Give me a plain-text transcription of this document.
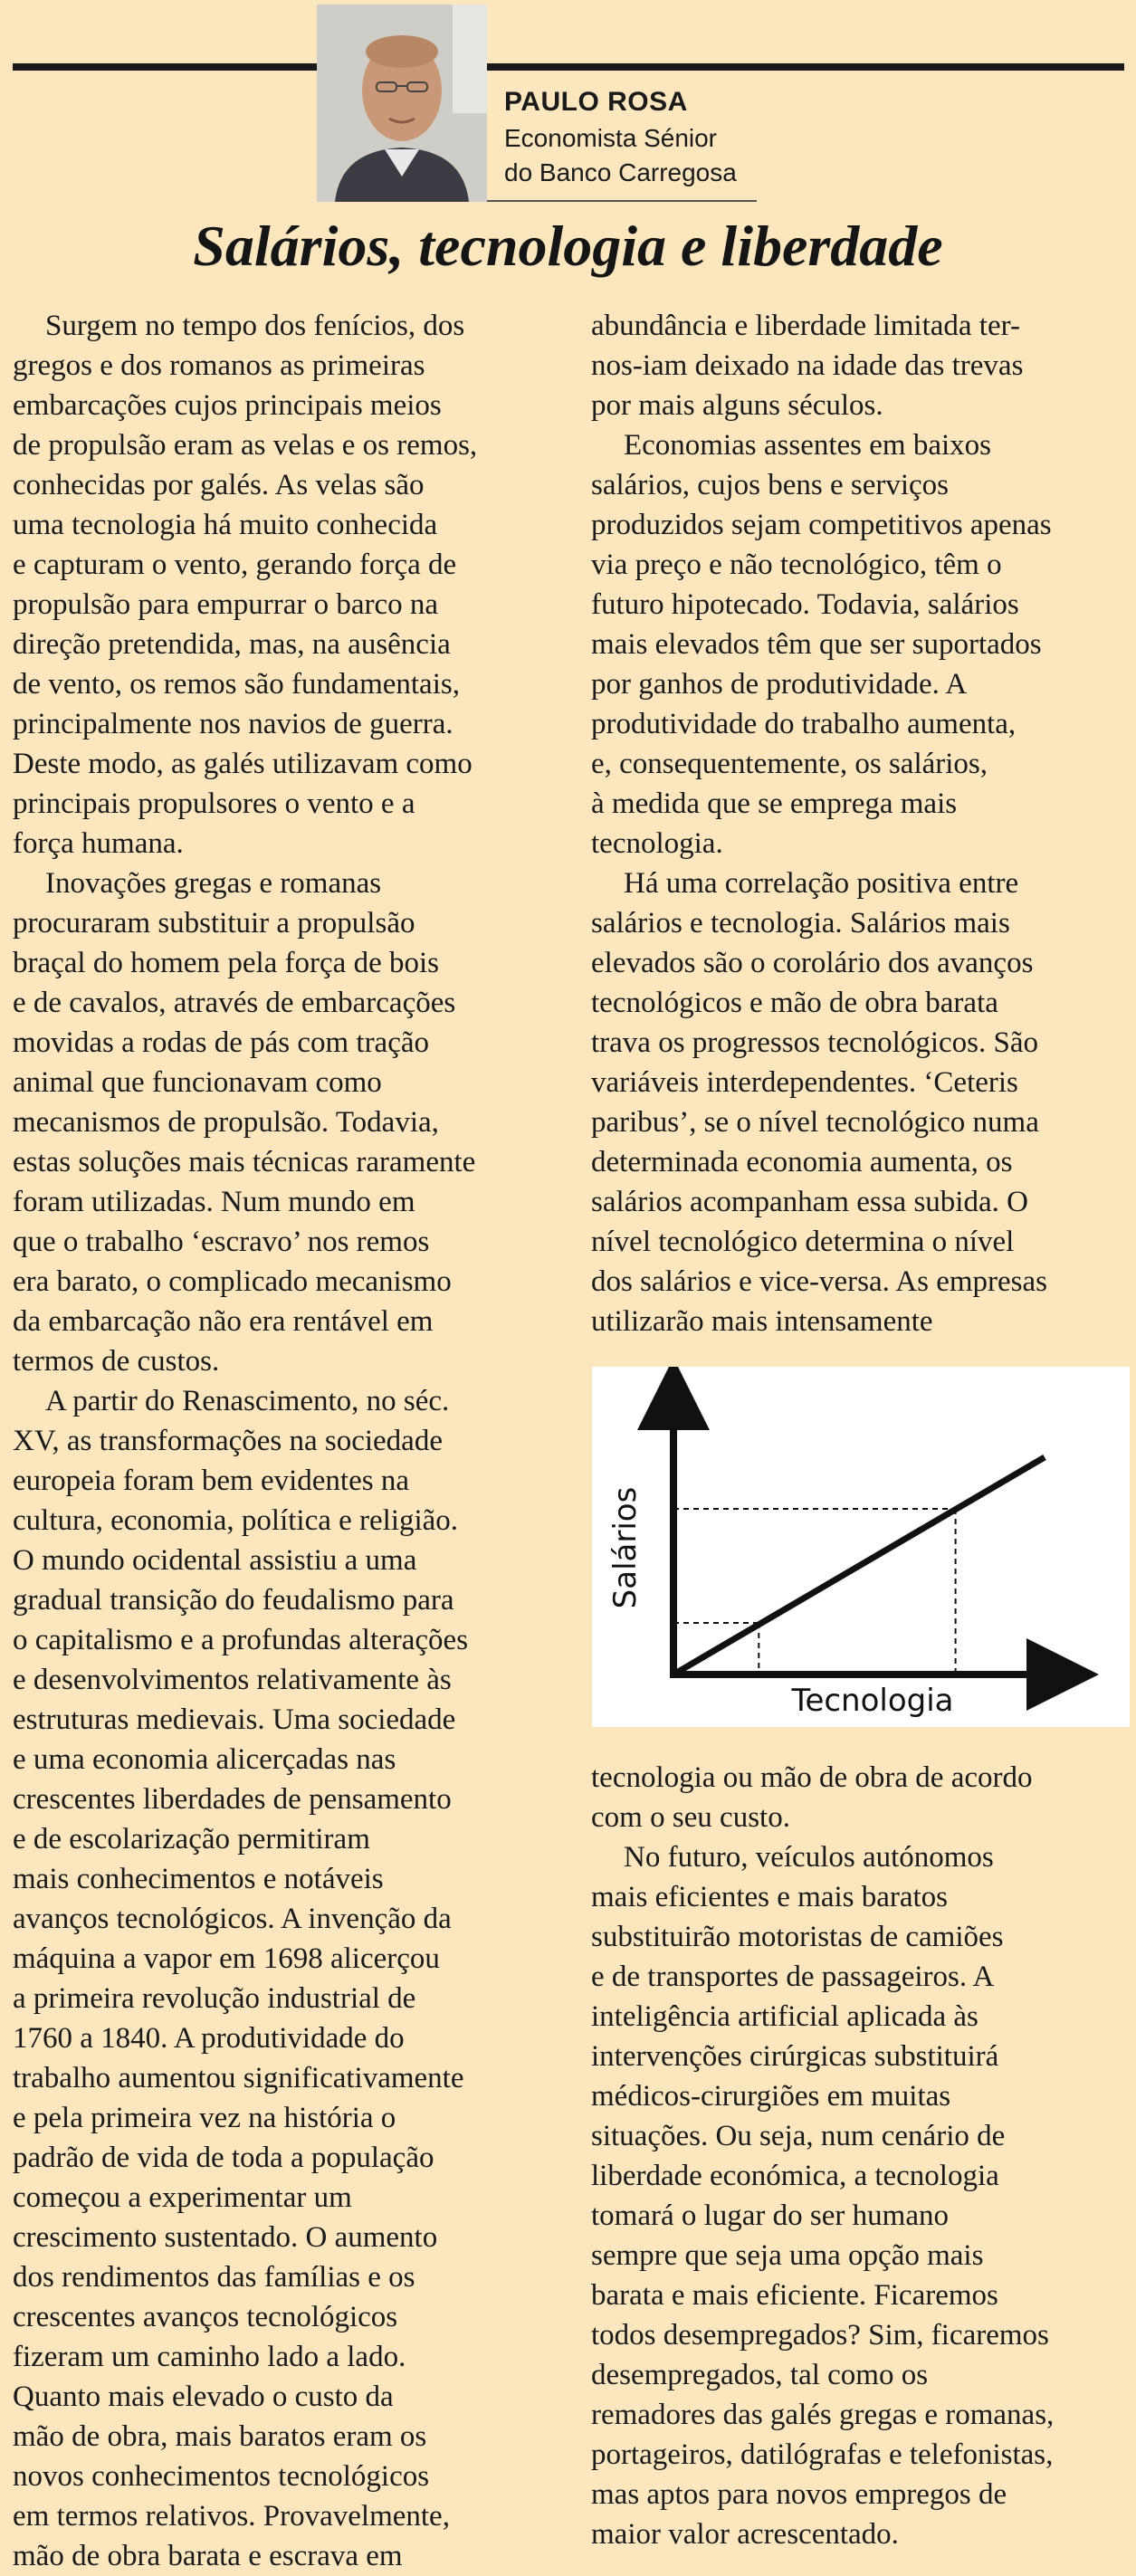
PAULO ROSA
Economista Sénior
do Banco Carregosa
Salários, tecnologia e liberdade

Surgem no tempo dos fenícios, dos
gregos e dos romanos as primeiras
embarcações cujos principais meios
de propulsão eram as velas e os remos,
conhecidas por galés. As velas são
uma tecnologia há muito conhecida
e capturam o vento, gerando força de
propulsão para empurrar o barco na
direção pretendida, mas, na ausência
de vento, os remos são fundamentais,
principalmente nos navios de guerra.
Deste modo, as galés utilizavam como
principais propulsores o vento e a
força humana.

Inovações gregas e romanas
procuraram substituir a propulsão
braçal do homem pela força de bois
e de cavalos, através de embarcações
movidas a rodas de pás com tração
animal que funcionavam como
mecanismos de propulsão. Todavia,
estas soluções mais técnicas raramente
foram utilizadas. Num mundo em
que o trabalho ‘escravo’ nos remos
era barato, o complicado mecanismo
da embarcação não era rentável em
termos de custos.

A partir do Renascimento, no séc.
XV, as transformações na sociedade
europeia foram bem evidentes na
cultura, economia, política e religião.
O mundo ocidental assistiu a uma
gradual transição do feudalismo para
o capitalismo e a profundas alterações
e desenvolvimentos relativamente às
estruturas medievais. Uma sociedade
e uma economia alicerçadas nas
crescentes liberdades de pensamento
e de escolarização permitiram
mais conhecimentos e notáveis
avanços tecnológicos. A invenção da
máquina a vapor em 1698 alicerçou
a primeira revolução industrial de
1760 a 1840. A produtividade do
trabalho aumentou significativamente
e pela primeira vez na história o
padrão de vida de toda a população
começou a experimentar um
crescimento sustentado. O aumento
dos rendimentos das famílias e os
crescentes avanços tecnológicos
fizeram um caminho lado a lado.
Quanto mais elevado o custo da
mão de obra, mais baratos eram os
novos conhecimentos tecnológicos
em termos relativos. Provavelmente,
mão de obra barata e escrava em

abundância e liberdade limitada ter-
nos-iam deixado na idade das trevas
por mais alguns séculos.

Economias assentes em baixos
salários, cujos bens e serviços
produzidos sejam competitivos apenas
via preço e não tecnológico, têm o
futuro hipotecado. Todavia, salários
mais elevados têm que ser suportados
por ganhos de produtividade. A
produtividade do trabalho aumenta,
e, consequentemente, os salários,
à medida que se emprega mais
tecnologia.

Há uma correlação positiva entre
salários e tecnologia. Salários mais
elevados são o corolário dos avanços
tecnológicos e mão de obra barata
trava os progressos tecnológicos. São
variáveis interdependentes. ‘Ceteris
paribus’, se o nível tecnológico numa
determinada economia aumenta, os
salários acompanham essa subida. O
nível tecnológico determina o nível
dos salários e vice-versa. As empresas
utilizarão mais intensamente

Tecnologia
Salários

tecnologia ou mão de obra de acordo
com o seu custo.

No futuro, veículos autónomos
mais eficientes e mais baratos
substituirão motoristas de camiões
e de transportes de passageiros. A
inteligência artificial aplicada às
intervenções cirúrgicas substituirá
médicos-cirurgiões em muitas
situações. Ou seja, num cenário de
liberdade económica, a tecnologia
tomará o lugar do ser humano
sempre que seja uma opção mais
barata e mais eficiente. Ficaremos
todos desempregados? Sim, ficaremos
desempregados, tal como os
remadores das galés gregas e romanas,
portageiros, datilógrafas e telefonistas,
mas aptos para novos empregos de
maior valor acrescentado.
